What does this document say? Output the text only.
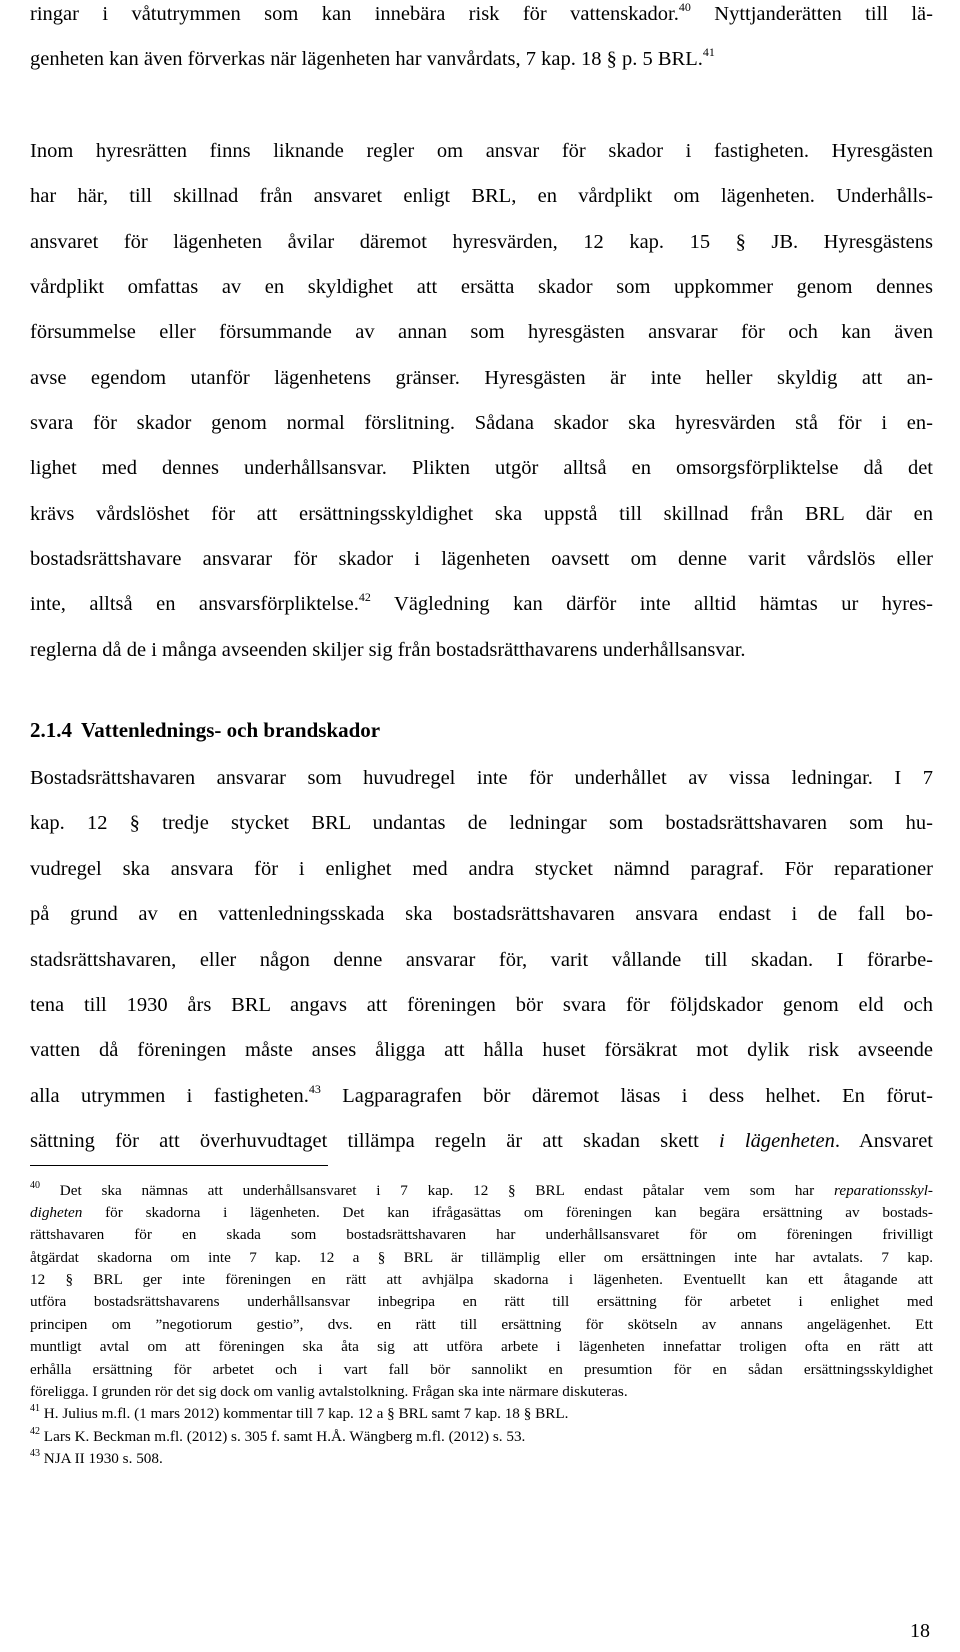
ringar i våtutrymmen som kan innebära risk för vattenskador.$^{40}$ Nyttjanderätten till lä-
genheten kan även förverkas när lägenheten har vanvårdats, 7 kap. 18 § p. 5 BRL.$^{41}$
Inom hyresrätten finns liknande regler om ansvar för skador i fastigheten. Hyresgästen
har här, till skillnad från ansvaret enligt BRL, en vårdplikt om lägenheten. Underhålls-
ansvaret för lägenheten åvilar däremot hyresvärden, 12 kap. 15 § JB. Hyresgästens
vårdplikt omfattas av en skyldighet att ersätta skador som uppkommer genom dennes
försummelse eller försummande av annan som hyresgästen ansvarar för och kan även
avse egendom utanför lägenhetens gränser. Hyresgästen är inte heller skyldig att an-
svara för skador genom normal förslitning. Sådana skador ska hyresvärden stå för i en-
lighet med dennes underhållsansvar. Plikten utgör alltså en omsorgsförpliktelse då det
krävs vårdslöshet för att ersättningsskyldighet ska uppstå till skillnad från BRL där en
bostadsrättshavare ansvarar för skador i lägenheten oavsett om denne varit vårdslös eller
inte, alltså en ansvarsförpliktelse.$^{42}$ Vägledning kan därför inte alltid hämtas ur hyres-
reglerna då de i många avseenden skiljer sig från bostadsrätthavarens underhållsansvar.
2.1.4 Vattenlednings- och brandskador
Bostadsrättshavaren ansvarar som huvudregel inte för underhållet av vissa ledningar. I 7
kap. 12 § tredje stycket BRL undantas de ledningar som bostadsrättshavaren som hu-
vudregel ska ansvara för i enlighet med andra stycket nämnd paragraf. För reparationer
på grund av en vattenledningsskada ska bostadsrättshavaren ansvara endast i de fall bo-
stadsrättshavaren, eller någon denne ansvarar för, varit vållande till skadan. I förarbe-
tena till 1930 års BRL angavs att föreningen bör svara för följdskador genom eld och
vatten då föreningen måste anses åligga att hålla huset försäkrat mot dylik risk avseende
alla utrymmen i fastigheten.$^{43}$ Lagparagrafen bör däremot läsas i dess helhet. En förut-
sättning för att överhuvudtaget tillämpa regeln är att skadan skett i lägenheten. Ansvaret
$^{40}$ Det ska nämnas att underhållsansvaret i 7 kap. 12 § BRL endast påtalar vem som har reparationsskyl-
digheten för skadorna i lägenheten. Det kan ifrågasättas om föreningen kan begära ersättning av bostads-
rättshavaren för en skada som bostadsrättshavaren har underhållsansvaret för om föreningen frivilligt
åtgärdat skadorna om inte 7 kap. 12 a § BRL är tillämplig eller om ersättningen inte har avtalats. 7 kap.
12 § BRL ger inte föreningen en rätt att avhjälpa skadorna i lägenheten. Eventuellt kan ett åtagande att
utföra bostadsrättshavarens underhållsansvar inbegripa en rätt till ersättning för arbetet i enlighet med
principen om ”negotiorum gestio”, dvs. en rätt till ersättning för skötseln av annans angelägenhet. Ett
muntligt avtal om att föreningen ska åta sig att utföra arbete i lägenheten innefattar troligen ofta en rätt att
erhålla ersättning för arbetet och i vart fall bör sannolikt en presumtion för en sådan ersättningsskyldighet
föreligga. I grunden rör det sig dock om vanlig avtalstolkning. Frågan ska inte närmare diskuteras.
$^{41}$ H. Julius m.fl. (1 mars 2012) kommentar till 7 kap. 12 a § BRL samt 7 kap. 18 § BRL.
$^{42}$ Lars K. Beckman m.fl. (2012) s. 305 f. samt H.Å. Wängberg m.fl. (2012) s. 53.
$^{43}$ NJA II 1930 s. 508.
18
